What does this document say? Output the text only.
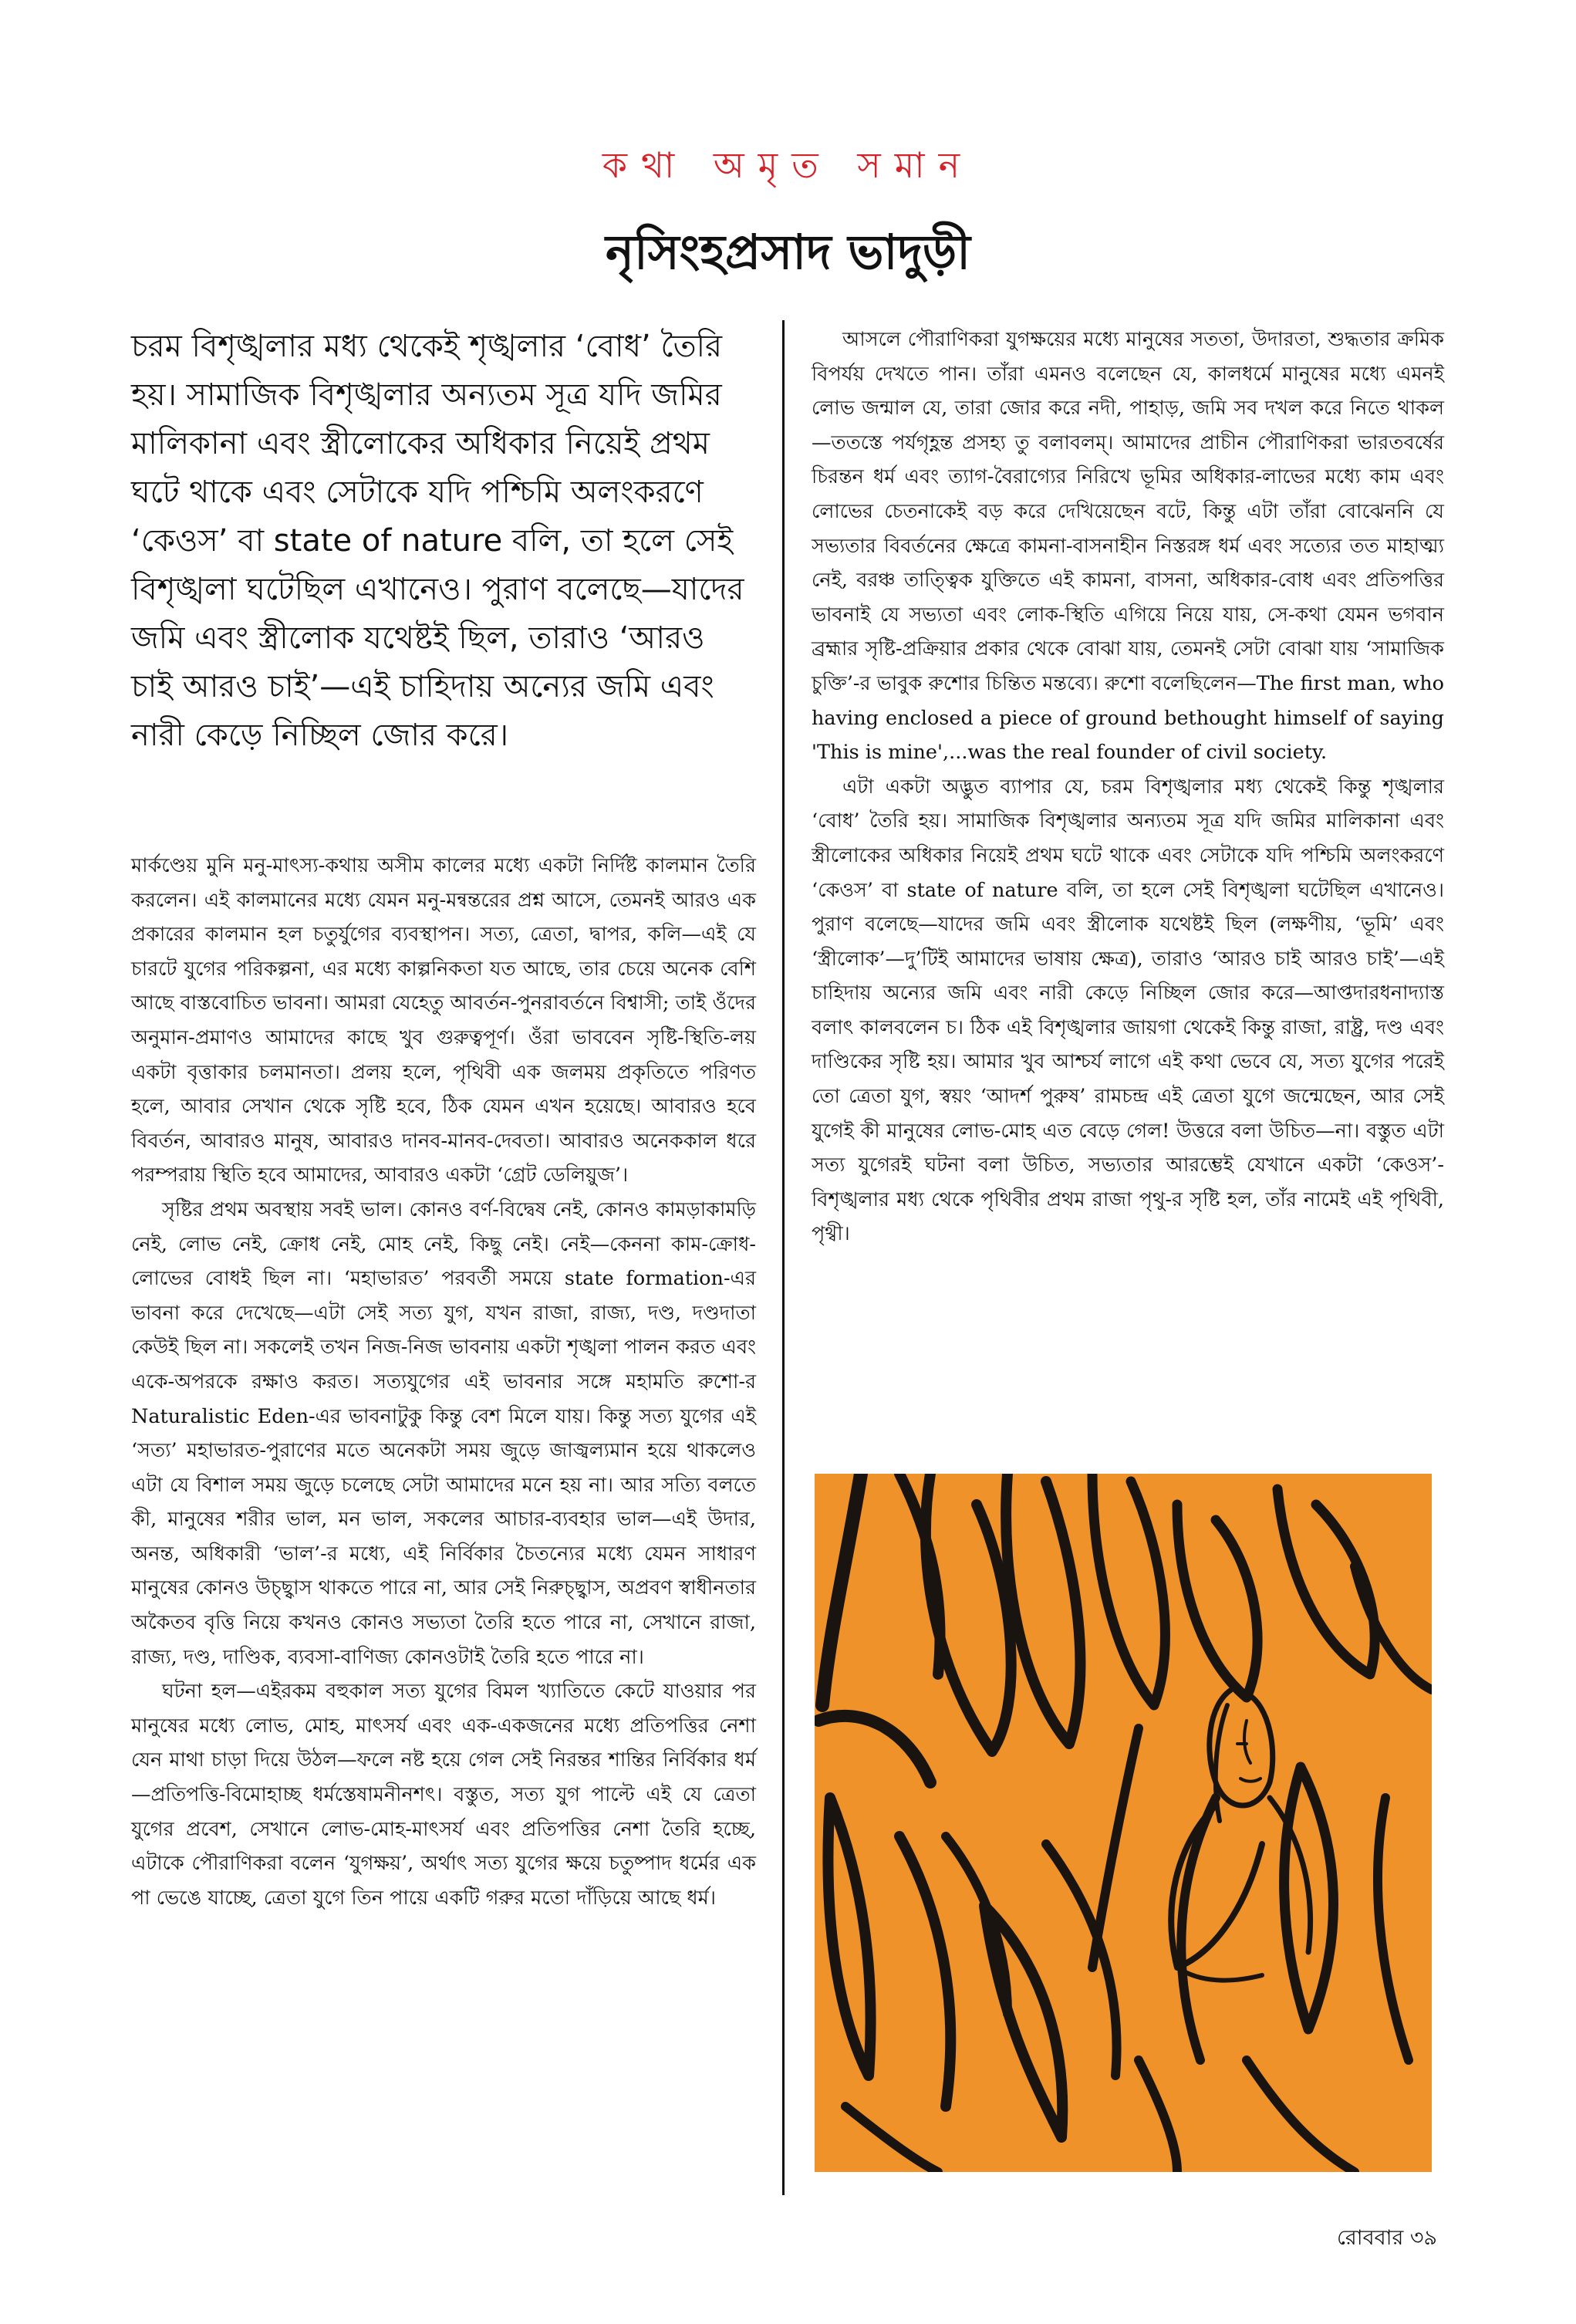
কথা অমৃত সমান
নৃসিংহপ্রসাদ ভাদুড়ী

চরম বিশৃঙ্খলার মধ্য থেকেই শৃঙ্খলার ‘বোধ’ তৈরি হয়। সামাজিক বিশৃঙ্খলার অন্যতম সূত্র যদি জমির মালিকানা এবং স্ত্রীলোকের অধিকার নিয়েই প্রথম ঘটে থাকে এবং সেটাকে যদি পশ্চিমি অলংকরণে ‘কেওস’ বা state of nature বলি, তা হলে সেই বিশৃঙ্খলা ঘটেছিল এখানেও। পুরাণ বলেছে—যাদের জমি এবং স্ত্রীলোক যথেষ্টই ছিল, তারাও ‘আরও চাই আরও চাই’—এই চাহিদায় অন্যের জমি এবং নারী কেড়ে নিচ্ছিল জোর করে।

মার্কণ্ডেয় মুনি মনু-মাৎস্য-কথায় অসীম কালের মধ্যে একটা নির্দিষ্ট কালমান তৈরি করলেন। এই কালমানের মধ্যে যেমন মনু-মন্বন্তরের প্রশ্ন আসে, তেমনই আরও এক প্রকারের কালমান হল চতুর্যুগের ব্যবস্থাপন। সত্য, ত্রেতা, দ্বাপর, কলি—এই যে চারটে যুগের পরিকল্পনা, এর মধ্যে কাল্পনিকতা যত আছে, তার চেয়ে অনেক বেশি আছে বাস্তবোচিত ভাবনা। আমরা যেহেতু আবর্তন-পুনরাবর্তনে বিশ্বাসী; তাই ওঁদের অনুমান-প্রমাণও আমাদের কাছে খুব গুরুত্বপূর্ণ। ওঁরা ভাববেন সৃষ্টি-স্থিতি-লয় একটা বৃত্তাকার চলমানতা। প্রলয় হলে, পৃথিবী এক জলময় প্রকৃতিতে পরিণত হলে, আবার সেখান থেকে সৃষ্টি হবে, ঠিক যেমন এখন হয়েছে। আবারও হবে বিবর্তন, আবারও মানুষ, আবারও দানব-মানব-দেবতা। আবারও অনেককাল ধরে পরম্পরায় স্থিতি হবে আমাদের, আবারও একটা ‘গ্রেট ডেলিয়ুজ’।

সৃষ্টির প্রথম অবস্থায় সবই ভাল। কোনও বর্ণ-বিদ্বেষ নেই, কোনও কামড়াকামড়ি নেই, লোভ নেই, ক্রোধ নেই, মোহ নেই, কিছু নেই। নেই—কেননা কাম-ক্রোধ-লোভের বোধই ছিল না। ‘মহাভারত’ পরবর্তী সময়ে state formation-এর ভাবনা করে দেখেছে—এটা সেই সত্য যুগ, যখন রাজা, রাজ্য, দণ্ড, দণ্ডদাতা কেউই ছিল না। সকলেই তখন নিজ-নিজ ভাবনায় একটা শৃঙ্খলা পালন করত এবং একে-অপরকে রক্ষাও করত। সত্যযুগের এই ভাবনার সঙ্গে মহামতি রুশো-র Naturalistic Eden-এর ভাবনাটুকু কিন্তু বেশ মিলে যায়। কিন্তু সত্য যুগের এই ‘সত্য’ মহাভারত-পুরাণের মতে অনেকটা সময় জুড়ে জাজ্বল্যমান হয়ে থাকলেও এটা যে বিশাল সময় জুড়ে চলেছে সেটা আমাদের মনে হয় না। আর সত্যি বলতে কী, মানুষের শরীর ভাল, মন ভাল, সকলের আচার-ব্যবহার ভাল—এই উদার, অনন্ত, অধিকারী ‘ভাল’-র মধ্যে, এই নির্বিকার চৈতন্যের মধ্যে যেমন সাধারণ মানুষের কোনও উচ্ছ্বাস থাকতে পারে না, আর সেই নিরুচ্ছ্বাস, অপ্রবণ স্বাধীনতার অকৈতব বৃত্তি নিয়ে কখনও কোনও সভ্যতা তৈরি হতে পারে না, সেখানে রাজা, রাজ্য, দণ্ড, দাণ্ডিক, ব্যবসা-বাণিজ্য কোনওটাই তৈরি হতে পারে না।

ঘটনা হল—এইরকম বহুকাল সত্য যুগের বিমল খ্যাতিতে কেটে যাওয়ার পর মানুষের মধ্যে লোভ, মোহ, মাৎসর্য এবং এক-একজনের মধ্যে প্রতিপত্তির নেশা যেন মাথা চাড়া দিয়ে উঠল—ফলে নষ্ট হয়ে গেল সেই নিরন্তর শান্তির নির্বিকার ধর্ম—প্রতিপত্তি-বিমোহাচ্ছ ধর্মস্তেষামনীনশৎ। বস্তুত, সত্য যুগ পাল্টে এই যে ত্রেতা যুগের প্রবেশ, সেখানে লোভ-মোহ-মাৎসর্য এবং প্রতিপত্তির নেশা তৈরি হচ্ছে, এটাকে পৌরাণিকরা বলেন ‘যুগক্ষয়’, অর্থাৎ সত্য যুগের ক্ষয়ে চতুষ্পাদ ধর্মের এক পা ভেঙে যাচ্ছে, ত্রেতা যুগে তিন পায়ে একটি গরুর মতো দাঁড়িয়ে আছে ধর্ম।

আসলে পৌরাণিকরা যুগক্ষয়ের মধ্যে মানুষের সততা, উদারতা, শুদ্ধতার ক্রমিক বিপর্যয় দেখতে পান। তাঁরা এমনও বলেছেন যে, কালধর্মে মানুষের মধ্যে এমনই লোভ জন্মাল যে, তারা জোর করে নদী, পাহাড়, জমি সব দখল করে নিতে থাকল—ততস্তে পর্যগৃহ্ণন্ত প্রসহ্য তু বলাবলম্‌। আমাদের প্রাচীন পৌরাণিকরা ভারতবর্ষের চিরন্তন ধর্ম এবং ত্যাগ-বৈরাগ্যের নিরিখে ভূমির অধিকার-লাভের মধ্যে কাম এবং লোভের চেতনাকেই বড় করে দেখিয়েছেন বটে, কিন্তু এটা তাঁরা বোঝেননি যে সভ্যতার বিবর্তনের ক্ষেত্রে কামনা-বাসনাহীন নিস্তরঙ্গ ধর্ম এবং সত্যের তত মাহাত্ম্য নেই, বরঞ্চ তাত্ত্বিক যুক্তিতে এই কামনা, বাসনা, অধিকার-বোধ এবং প্রতিপত্তির ভাবনাই যে সভ্যতা এবং লোক-স্থিতি এগিয়ে নিয়ে যায়, সে-কথা যেমন ভগবান ব্রহ্মার সৃষ্টি-প্রক্রিয়ার প্রকার থেকে বোঝা যায়, তেমনই সেটা বোঝা যায় ‘সামাজিক চুক্তি’-র ভাবুক রুশোর চিন্তিত মন্তব্যে। রুশো বলেছিলেন—The first man, who having enclosed a piece of ground bethought himself of saying 'This is mine',...was the real founder of civil society.

এটা একটা অদ্ভুত ব্যাপার যে, চরম বিশৃঙ্খলার মধ্য থেকেই কিন্তু শৃঙ্খলার ‘বোধ’ তৈরি হয়। সামাজিক বিশৃঙ্খলার অন্যতম সূত্র যদি জমির মালিকানা এবং স্ত্রীলোকের অধিকার নিয়েই প্রথম ঘটে থাকে এবং সেটাকে যদি পশ্চিমি অলংকরণে ‘কেওস’ বা state of nature বলি, তা হলে সেই বিশৃঙ্খলা ঘটেছিল এখানেও। পুরাণ বলেছে—যাদের জমি এবং স্ত্রীলোক যথেষ্টই ছিল (লক্ষণীয়, ‘ভূমি’ এবং ‘স্ত্রীলোক’—দু’টিই আমাদের ভাষায় ক্ষেত্র), তারাও ‘আরও চাই আরও চাই’—এই চাহিদায় অন্যের জমি এবং নারী কেড়ে নিচ্ছিল জোর করে—আপ্তদারধনাদ্যাস্ত বলাৎ কালবলেন চ। ঠিক এই বিশৃঙ্খলার জায়গা থেকেই কিন্তু রাজা, রাষ্ট্র, দণ্ড এবং দাণ্ডিকের সৃষ্টি হয়। আমার খুব আশ্চর্য লাগে এই কথা ভেবে যে, সত্য যুগের পরেই তো ত্রেতা যুগ, স্বয়ং ‘আদর্শ পুরুষ’ রামচন্দ্র এই ত্রেতা যুগে জন্মেছেন, আর সেই যুগেই কী মানুষের লোভ-মোহ এত বেড়ে গেল! উত্তরে বলা উচিত—না। বস্তুত এটা সত্য যুগেরই ঘটনা বলা উচিত, সভ্যতার আরম্ভেই যেখানে একটা ‘কেওস’-বিশৃঙ্খলার মধ্য থেকে পৃথিবীর প্রথম রাজা পৃথু-র সৃষ্টি হল, তাঁর নামেই এই পৃথিবী, পৃথ্বী।

রোববার ৩৯
